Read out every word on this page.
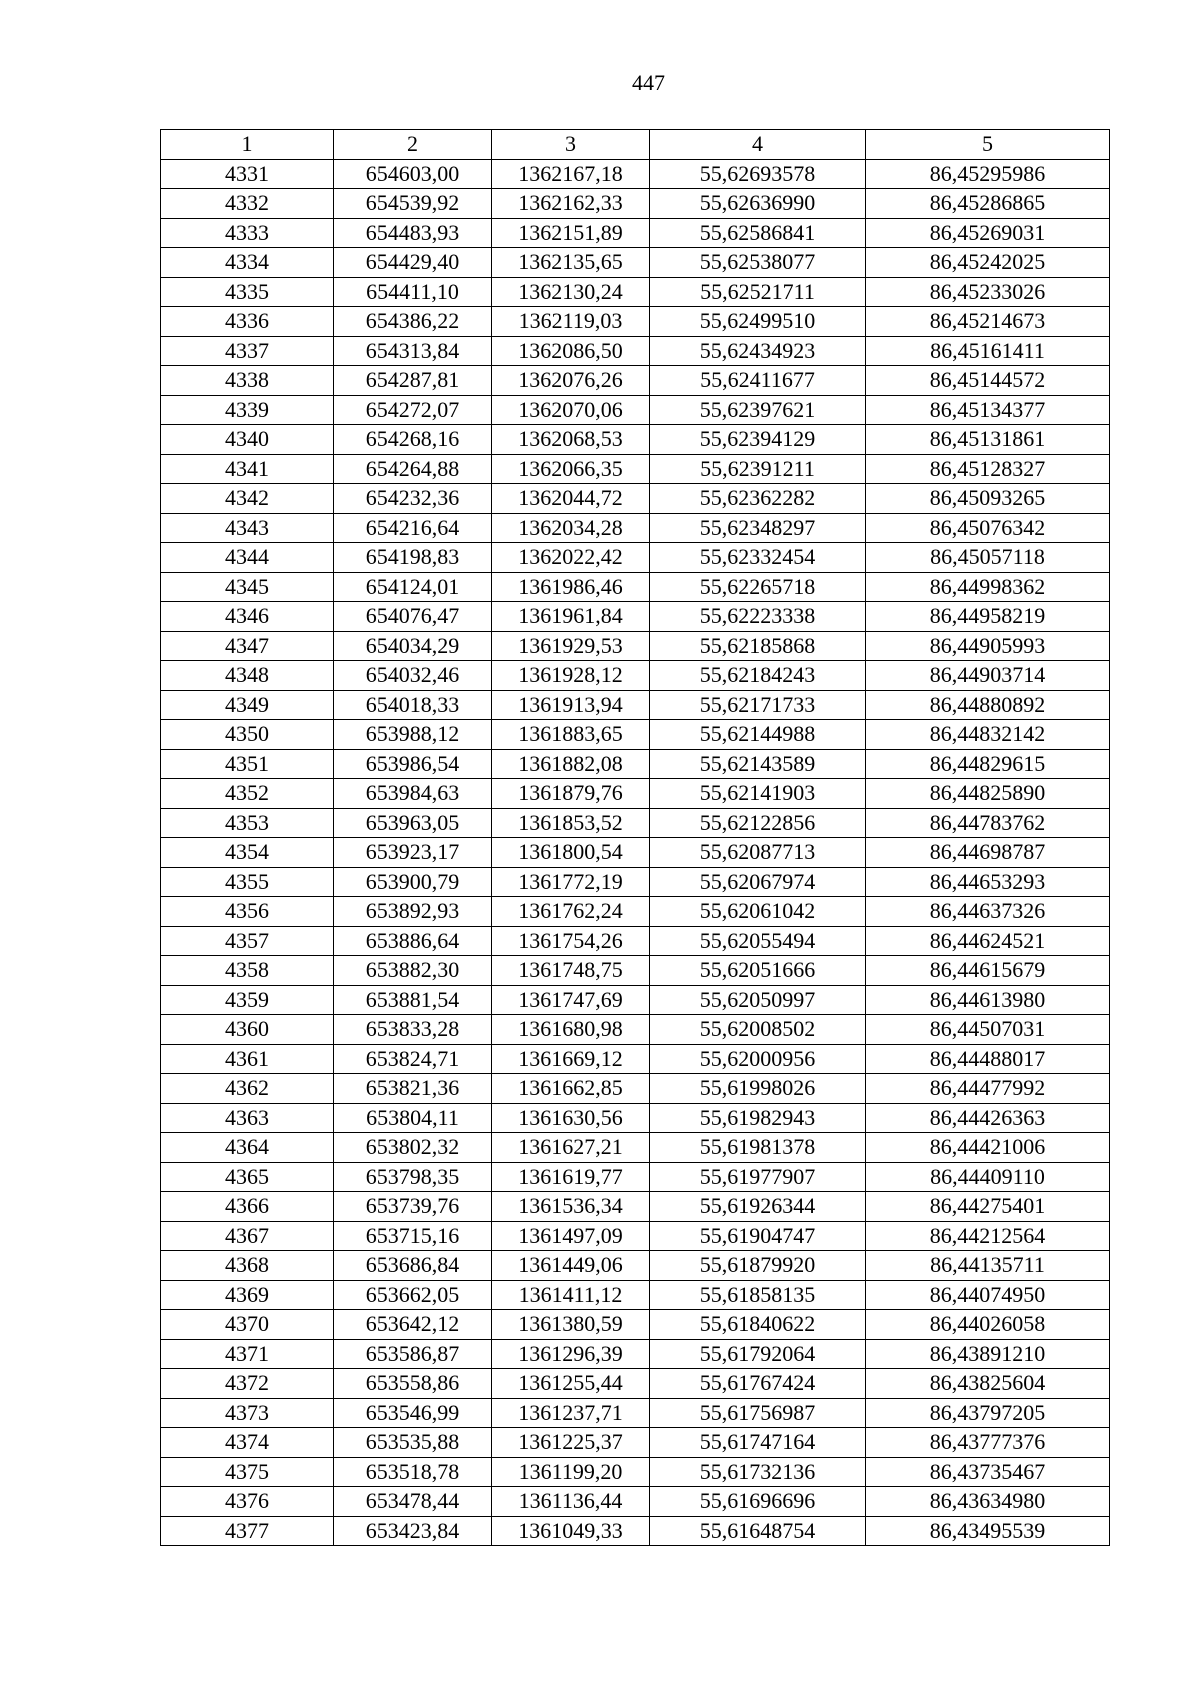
447
1	2	3	4	5
4331	654603,00	1362167,18	55,62693578	86,45295986
4332	654539,92	1362162,33	55,62636990	86,45286865
4333	654483,93	1362151,89	55,62586841	86,45269031
4334	654429,40	1362135,65	55,62538077	86,45242025
4335	654411,10	1362130,24	55,62521711	86,45233026
4336	654386,22	1362119,03	55,62499510	86,45214673
4337	654313,84	1362086,50	55,62434923	86,45161411
4338	654287,81	1362076,26	55,62411677	86,45144572
4339	654272,07	1362070,06	55,62397621	86,45134377
4340	654268,16	1362068,53	55,62394129	86,45131861
4341	654264,88	1362066,35	55,62391211	86,45128327
4342	654232,36	1362044,72	55,62362282	86,45093265
4343	654216,64	1362034,28	55,62348297	86,45076342
4344	654198,83	1362022,42	55,62332454	86,45057118
4345	654124,01	1361986,46	55,62265718	86,44998362
4346	654076,47	1361961,84	55,62223338	86,44958219
4347	654034,29	1361929,53	55,62185868	86,44905993
4348	654032,46	1361928,12	55,62184243	86,44903714
4349	654018,33	1361913,94	55,62171733	86,44880892
4350	653988,12	1361883,65	55,62144988	86,44832142
4351	653986,54	1361882,08	55,62143589	86,44829615
4352	653984,63	1361879,76	55,62141903	86,44825890
4353	653963,05	1361853,52	55,62122856	86,44783762
4354	653923,17	1361800,54	55,62087713	86,44698787
4355	653900,79	1361772,19	55,62067974	86,44653293
4356	653892,93	1361762,24	55,62061042	86,44637326
4357	653886,64	1361754,26	55,62055494	86,44624521
4358	653882,30	1361748,75	55,62051666	86,44615679
4359	653881,54	1361747,69	55,62050997	86,44613980
4360	653833,28	1361680,98	55,62008502	86,44507031
4361	653824,71	1361669,12	55,62000956	86,44488017
4362	653821,36	1361662,85	55,61998026	86,44477992
4363	653804,11	1361630,56	55,61982943	86,44426363
4364	653802,32	1361627,21	55,61981378	86,44421006
4365	653798,35	1361619,77	55,61977907	86,44409110
4366	653739,76	1361536,34	55,61926344	86,44275401
4367	653715,16	1361497,09	55,61904747	86,44212564
4368	653686,84	1361449,06	55,61879920	86,44135711
4369	653662,05	1361411,12	55,61858135	86,44074950
4370	653642,12	1361380,59	55,61840622	86,44026058
4371	653586,87	1361296,39	55,61792064	86,43891210
4372	653558,86	1361255,44	55,61767424	86,43825604
4373	653546,99	1361237,71	55,61756987	86,43797205
4374	653535,88	1361225,37	55,61747164	86,43777376
4375	653518,78	1361199,20	55,61732136	86,43735467
4376	653478,44	1361136,44	55,61696696	86,43634980
4377	653423,84	1361049,33	55,61648754	86,43495539
